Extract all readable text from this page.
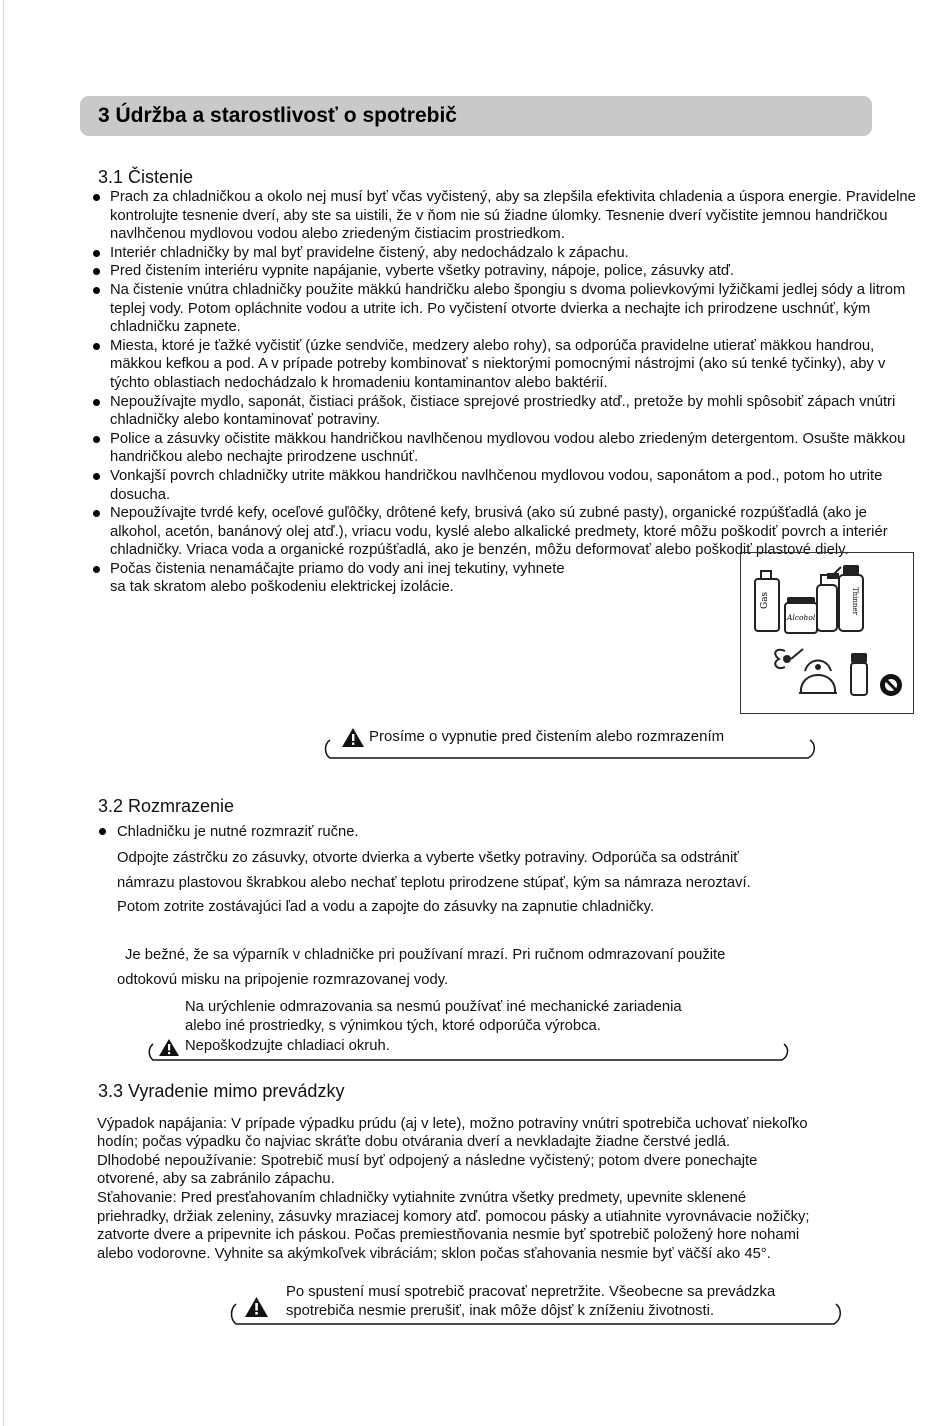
3 Údržba a starostlivosť o spotrebič
3.1 Čistenie
Prach za chladničkou a okolo nej musí byť včas vyčistený, aby sa zlepšila efektivita chladenia a úspora energie. Pravidelne kontrolujte tesnenie dverí, aby ste sa uistili, že v ňom nie sú žiadne úlomky. Tesnenie dverí vyčistite jemnou handričkou navlhčenou mydlovou vodou alebo zriedeným čistiacim prostriedkom.
Interiér chladničky by mal byť pravidelne čistený, aby nedochádzalo k zápachu.
Pred čistením interiéru vypnite napájanie, vyberte všetky potraviny, nápoje, police, zásuvky atď.
Na čistenie vnútra chladničky použite mäkkú handričku alebo špongiu s dvoma polievkovými lyžičkami jedlej sódy a litrom teplej vody. Potom opláchnite vodou a utrite ich. Po vyčistení otvorte dvierka a nechajte ich prirodzene uschnúť, kým chladničku zapnete.
Miesta, ktoré je ťažké vyčistiť (úzke sendviče, medzery alebo rohy), sa odporúča pravidelne utierať mäkkou handrou, mäkkou kefkou a pod. A v prípade potreby kombinovať s niektorými pomocnými nástrojmi (ako sú tenké tyčinky), aby v týchto oblastiach nedochádzalo k hromadeniu kontaminantov alebo baktérií.
Nepoužívajte mydlo, saponát, čistiaci prášok, čistiace sprejové prostriedky atď., pretože by mohli spôsobiť zápach vnútri chladničky alebo kontaminovať potraviny.
Police a zásuvky očistite mäkkou handričkou navlhčenou mydlovou vodou alebo zriedeným detergentom. Osušte mäkkou handričkou alebo nechajte prirodzene uschnúť.
Vonkajší povrch chladničky utrite mäkkou handričkou navlhčenou mydlovou vodou, saponátom a pod., potom ho utrite dosucha.
Nepoužívajte tvrdé kefy, oceľové guľôčky, drôtené kefy, brusivá (ako sú zubné pasty), organické rozpúšťadlá (ako je alkohol, acetón, banánový olej atď.), vriacu vodu, kyslé alebo alkalické predmety, ktoré môžu poškodiť povrch a interiér chladničky. Vriaca voda a organické rozpúšťadlá, ako je benzén, môžu deformovať alebo poškodiť plastové diely.
Počas čistenia nenamáčajte priamo do vody ani inej tekutiny, vyhnete sa tak skratom alebo poškodeniu elektrickej izolácie.
Gas
Alcohol
Thinner
Prosíme o vypnutie pred čistením alebo rozmrazením
3.2 Rozmrazenie
Chladničku je nutné rozmraziť ručne.
Odpojte zástrčku zo zásuvky, otvorte dvierka a vyberte všetky potraviny. Odporúča sa odstrániť
námrazu plastovou škrabkou alebo nechať teplotu prirodzene stúpať, kým sa námraza neroztaví.
Potom zotrite zostávajúci ľad a vodu a zapojte do zásuvky na zapnutie chladničky.
Je bežné, že sa výparník v chladničke pri používaní mrazí. Pri ručnom odmrazovaní použite
odtokovú misku na pripojenie rozmrazovanej vody.
Na urýchlenie odmrazovania sa nesmú používať iné mechanické zariadenia
alebo iné prostriedky, s výnimkou tých, ktoré odporúča výrobca.
Nepoškodzujte chladiaci okruh.
3.3 Vyradenie mimo prevádzky
Výpadok napájania: V prípade výpadku prúdu (aj v lete), možno potraviny vnútri spotrebiča uchovať niekoľko
hodín; počas výpadku čo najviac skráťte dobu otvárania dverí a nevkladajte žiadne čerstvé jedlá.
Dlhodobé nepoužívanie: Spotrebič musí byť odpojený a následne vyčistený; potom dvere ponechajte
otvorené, aby sa zabránilo zápachu.
Sťahovanie: Pred presťahovaním chladničky vytiahnite zvnútra všetky predmety, upevnite sklenené
priehradky, držiak zeleniny, zásuvky mraziacej komory atď. pomocou pásky a utiahnite vyrovnávacie nožičky;
zatvorte dvere a pripevnite ich páskou. Počas premiestňovania nesmie byť spotrebič položený hore nohami
alebo vodorovne. Vyhnite sa akýmkoľvek vibráciám; sklon počas sťahovania nesmie byť väčší ako 45°.
Po spustení musí spotrebič pracovať nepretržite. Všeobecne sa prevádzka
spotrebiča nesmie prerušiť, inak môže dôjsť k zníženiu životnosti.
